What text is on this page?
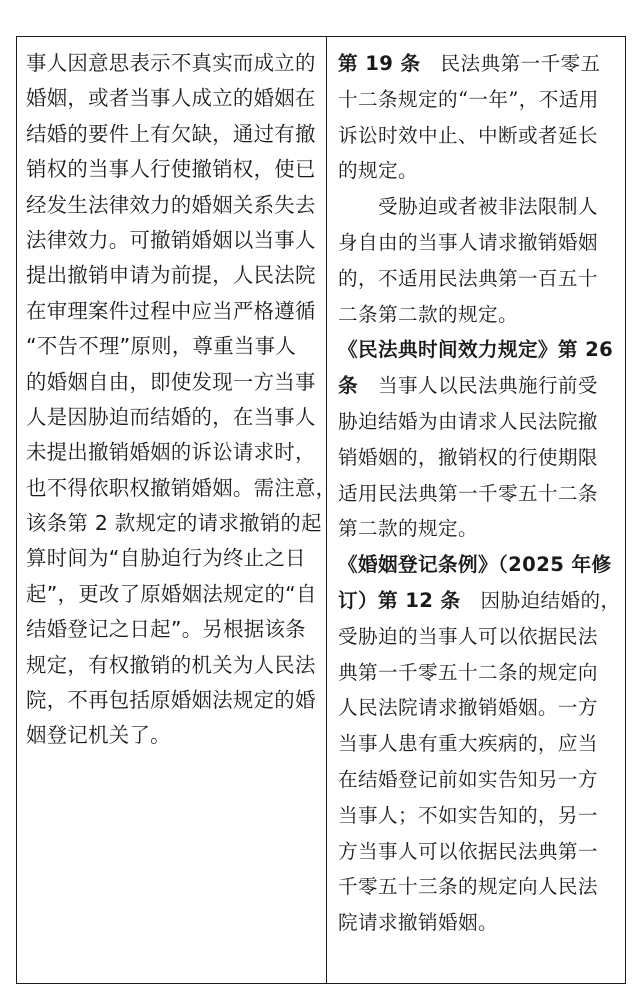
事人因意思表示不真实而成立的
婚姻，或者当事人成立的婚姻在
结婚的要件上有欠缺，通过有撤
销权的当事人行使撤销权，使已
经发生法律效力的婚姻关系失去
法律效力。可撤销婚姻以当事人
提出撤销申请为前提，人民法院
在审理案件过程中应当严格遵循
“不告不理”原则，尊重当事人
的婚姻自由，即使发现一方当事
人是因胁迫而结婚的，在当事人
未提出撤销婚姻的诉讼请求时，
也不得依职权撤销婚姻。需注意，
该条第 2 款规定的请求撤销的起
算时间为“自胁迫行为终止之日
起”，更改了原婚姻法规定的“自
结婚登记之日起”。另根据该条
规定，有权撤销的机关为人民法
院，不再包括原婚姻法规定的婚
姻登记机关了。
第 19 条　民法典第一千零五
十二条规定的“一年”，不适用
诉讼时效中止、中断或者延长
的规定。
　　受胁迫或者被非法限制人
身自由的当事人请求撤销婚姻
的，不适用民法典第一百五十
二条第二款的规定。
《民法典时间效力规定》第 26
条　当事人以民法典施行前受
胁迫结婚为由请求人民法院撤
销婚姻的，撤销权的行使期限
适用民法典第一千零五十二条
第二款的规定。
《婚姻登记条例》（2025 年修
订）第 12 条　因胁迫结婚的，
受胁迫的当事人可以依据民法
典第一千零五十二条的规定向
人民法院请求撤销婚姻。一方
当事人患有重大疾病的，应当
在结婚登记前如实告知另一方
当事人；不如实告知的，另一
方当事人可以依据民法典第一
千零五十三条的规定向人民法
院请求撤销婚姻。
